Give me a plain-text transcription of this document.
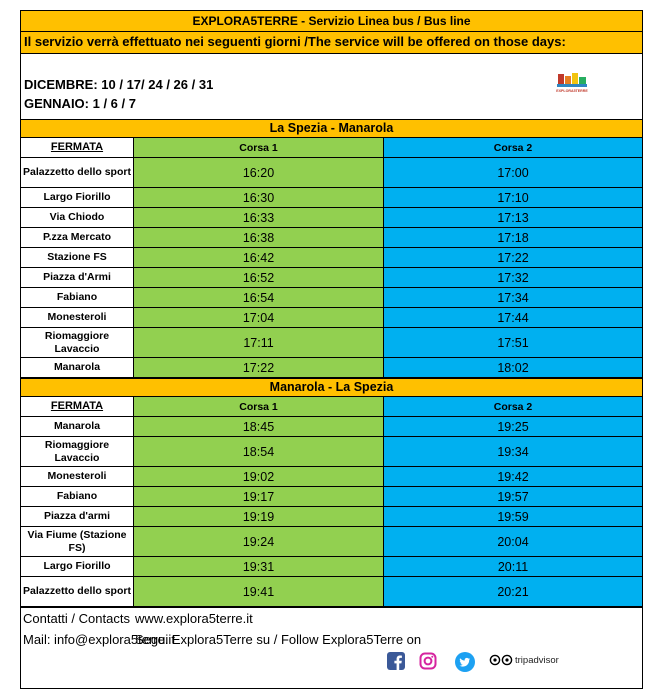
EXPLORA5TERRE - Servizio Linea bus / Bus line
Il servizio verrà effettuato nei seguenti giorni /The service will be offered on those days:
DICEMBRE: 10 / 17/ 24 / 26 / 31
GENNAIO: 1 / 6 / 7
EXPLORA5TERRE
La Spezia - Manarola
FERMATA	Corsa 1	Corsa 2
Palazzetto dello sport	16:20	17:00
Largo Fiorillo	16:30	17:10
Via Chiodo	16:33	17:13
P.zza Mercato	16:38	17:18
Stazione FS	16:42	17:22
Piazza d'Armi	16:52	17:32
Fabiano	16:54	17:34
Monesteroli	17:04	17:44
Riomaggiore Lavaccio	17:11	17:51
Manarola	17:22	18:02
Manarola - La Spezia
FERMATA	Corsa 1	Corsa 2
Manarola	18:45	19:25
Riomaggiore Lavaccio	18:54	19:34
Monesteroli	19:02	19:42
Fabiano	19:17	19:57
Piazza d'armi	19:19	19:59
Via Fiume (Stazione FS)	19:24	20:04
Largo Fiorillo	19:31	20:11
Palazzetto dello sport	19:41	20:21
Contatti / Contacts www.explora5terre.it
Mail: info@explora5terre.it
Segui Explora5Terre su / Follow Explora5Terre on
tripadvisor
